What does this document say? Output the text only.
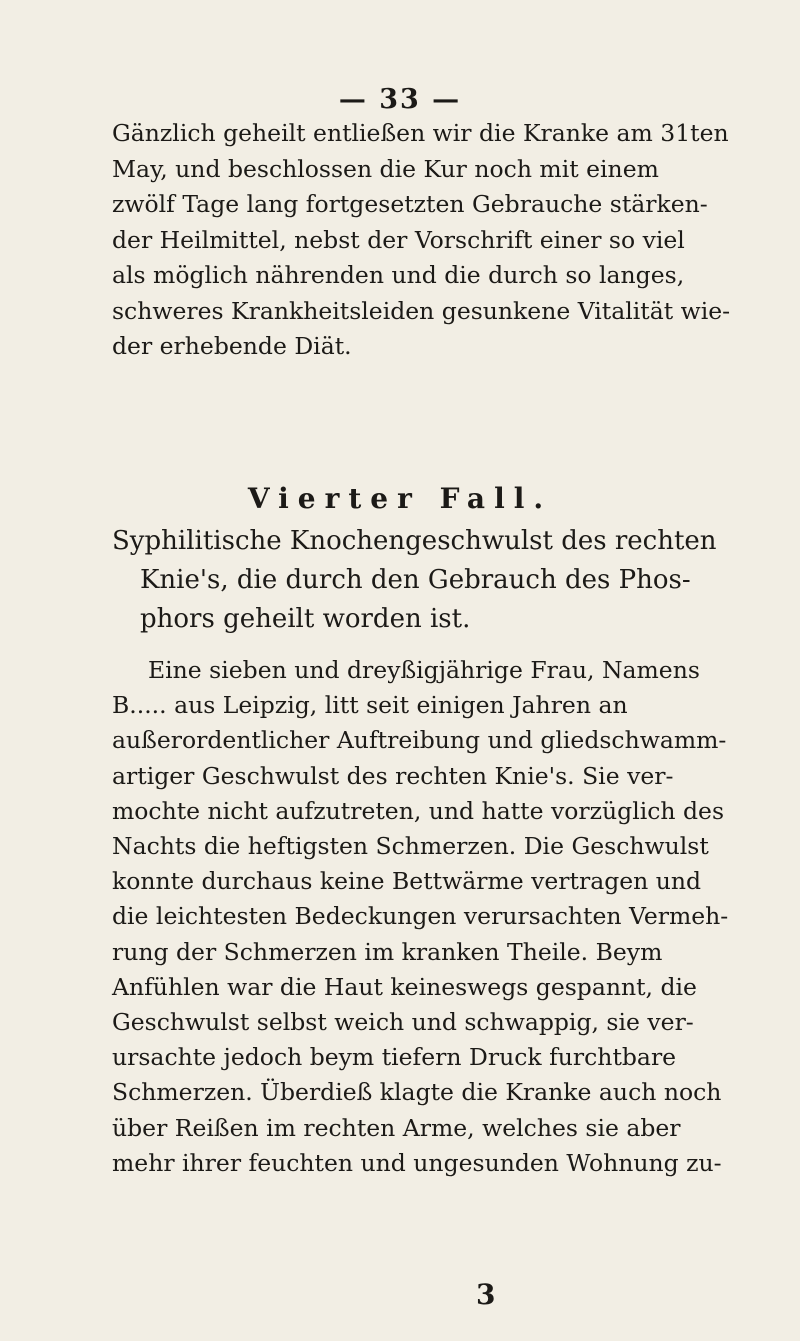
— 33 —
Gänzlich geheilt entließen wir die Kranke am 31ten
May, und beschlossen die Kur noch mit einem
zwölf Tage lang fortgesetzten Gebrauche stärken-
der Heilmittel, nebst der Vorschrift einer so viel
als möglich nährenden und die durch so langes,
schweres Krankheitsleiden gesunkene Vitalität wie-
der erhebende Diät.
Vierter Fall.
Syphilitische Knochengeschwulst des rechten
Knie's, die durch den Gebrauch des Phos-
phors geheilt worden ist.
Eine sieben und dreyßigjährige Frau, Namens
B..... aus Leipzig, litt seit einigen Jahren an
außerordentlicher Auftreibung und gliedschwamm-
artiger Geschwulst des rechten Knie's. Sie ver-
mochte nicht aufzutreten, und hatte vorzüglich des
Nachts die heftigsten Schmerzen. Die Geschwulst
konnte durchaus keine Bettwärme vertragen und
die leichtesten Bedeckungen verursachten Vermeh-
rung der Schmerzen im kranken Theile. Beym
Anfühlen war die Haut keineswegs gespannt, die
Geschwulst selbst weich und schwappig, sie ver-
ursachte jedoch beym tiefern Druck furchtbare
Schmerzen. Überdieß klagte die Kranke auch noch
über Reißen im rechten Arme, welches sie aber
mehr ihrer feuchten und ungesunden Wohnung zu-
3
